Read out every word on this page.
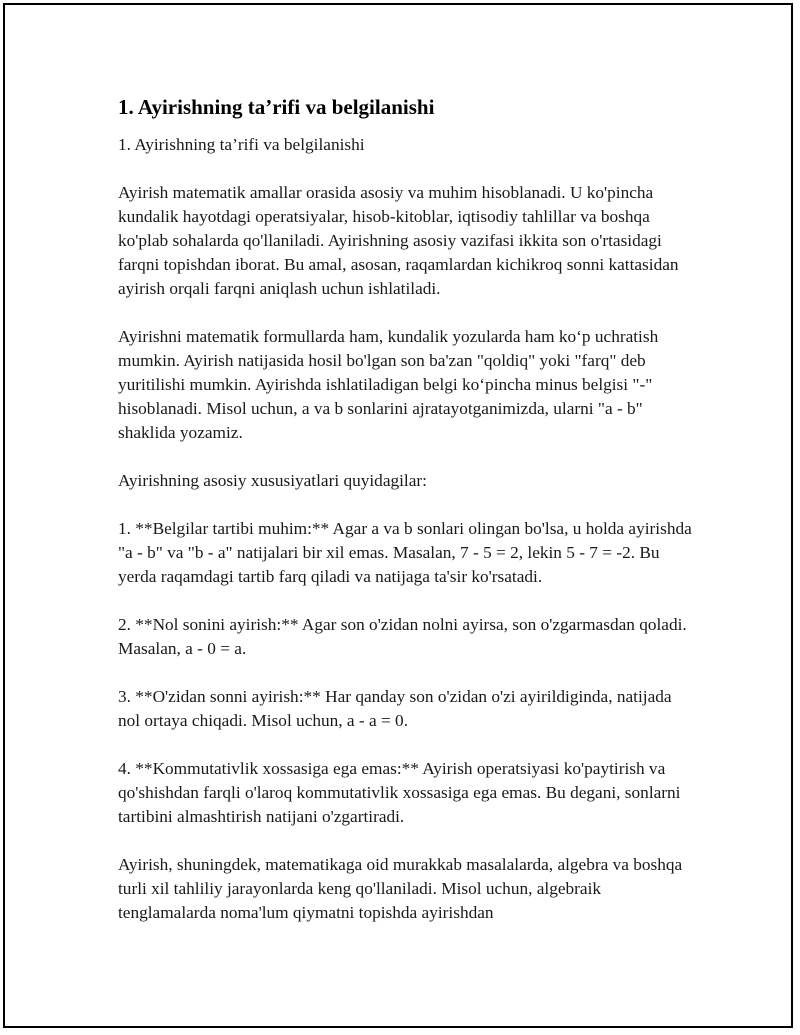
1. Ayirishning ta’rifi va belgilanishi

1. Ayirishning ta’rifi va belgilanishi

Ayirish matematik amallar orasida asosiy va muhim hisoblanadi. U ko'pincha kundalik hayotdagi operatsiyalar, hisob-kitoblar, iqtisodiy tahlillar va boshqa ko'plab sohalarda qo'llaniladi. Ayirishning asosiy vazifasi ikkita son o'rtasidagi farqni topishdan iborat. Bu amal, asosan, raqamlardan kichikroq sonni kattasidan ayirish orqali farqni aniqlash uchun ishlatiladi.

Ayirishni matematik formullarda ham, kundalik yozularda ham ko‘p uchratish mumkin. Ayirish natijasida hosil bo'lgan son ba'zan "qoldiq" yoki "farq" deb yuritilishi mumkin. Ayirishda ishlatiladigan belgi ko‘pincha minus belgisi "-" hisoblanadi. Misol uchun, a va b sonlarini ajratayotganimizda, ularni "a - b" shaklida yozamiz.

Ayirishning asosiy xususiyatlari quyidagilar:

1. **Belgilar tartibi muhim:** Agar a va b sonlari olingan bo'lsa, u holda ayirishda "a - b" va "b - a" natijalari bir xil emas. Masalan, 7 - 5 = 2, lekin 5 - 7 = -2. Bu yerda raqamdagi tartib farq qiladi va natijaga ta'sir ko'rsatadi.

2. **Nol sonini ayirish:** Agar son o'zidan nolni ayirsa, son o'zgarmasdan qoladi. Masalan, a - 0 = a.

3. **O'zidan sonni ayirish:** Har qanday son o'zidan o'zi ayirildiginda, natijada nol ortaya chiqadi. Misol uchun, a - a = 0.

4. **Kommutativlik xossasiga ega emas:** Ayirish operatsiyasi ko'paytirish va qo'shishdan farqli o'laroq kommutativlik xossasiga ega emas. Bu degani, sonlarni tartibini almashtirish natijani o'zgartiradi.

Ayirish, shuningdek, matematikaga oid murakkab masalalarda, algebra va boshqa turli xil tahliliy jarayonlarda keng qo'llaniladi. Misol uchun, algebraik tenglamalarda noma'lum qiymatni topishda ayirishdan
